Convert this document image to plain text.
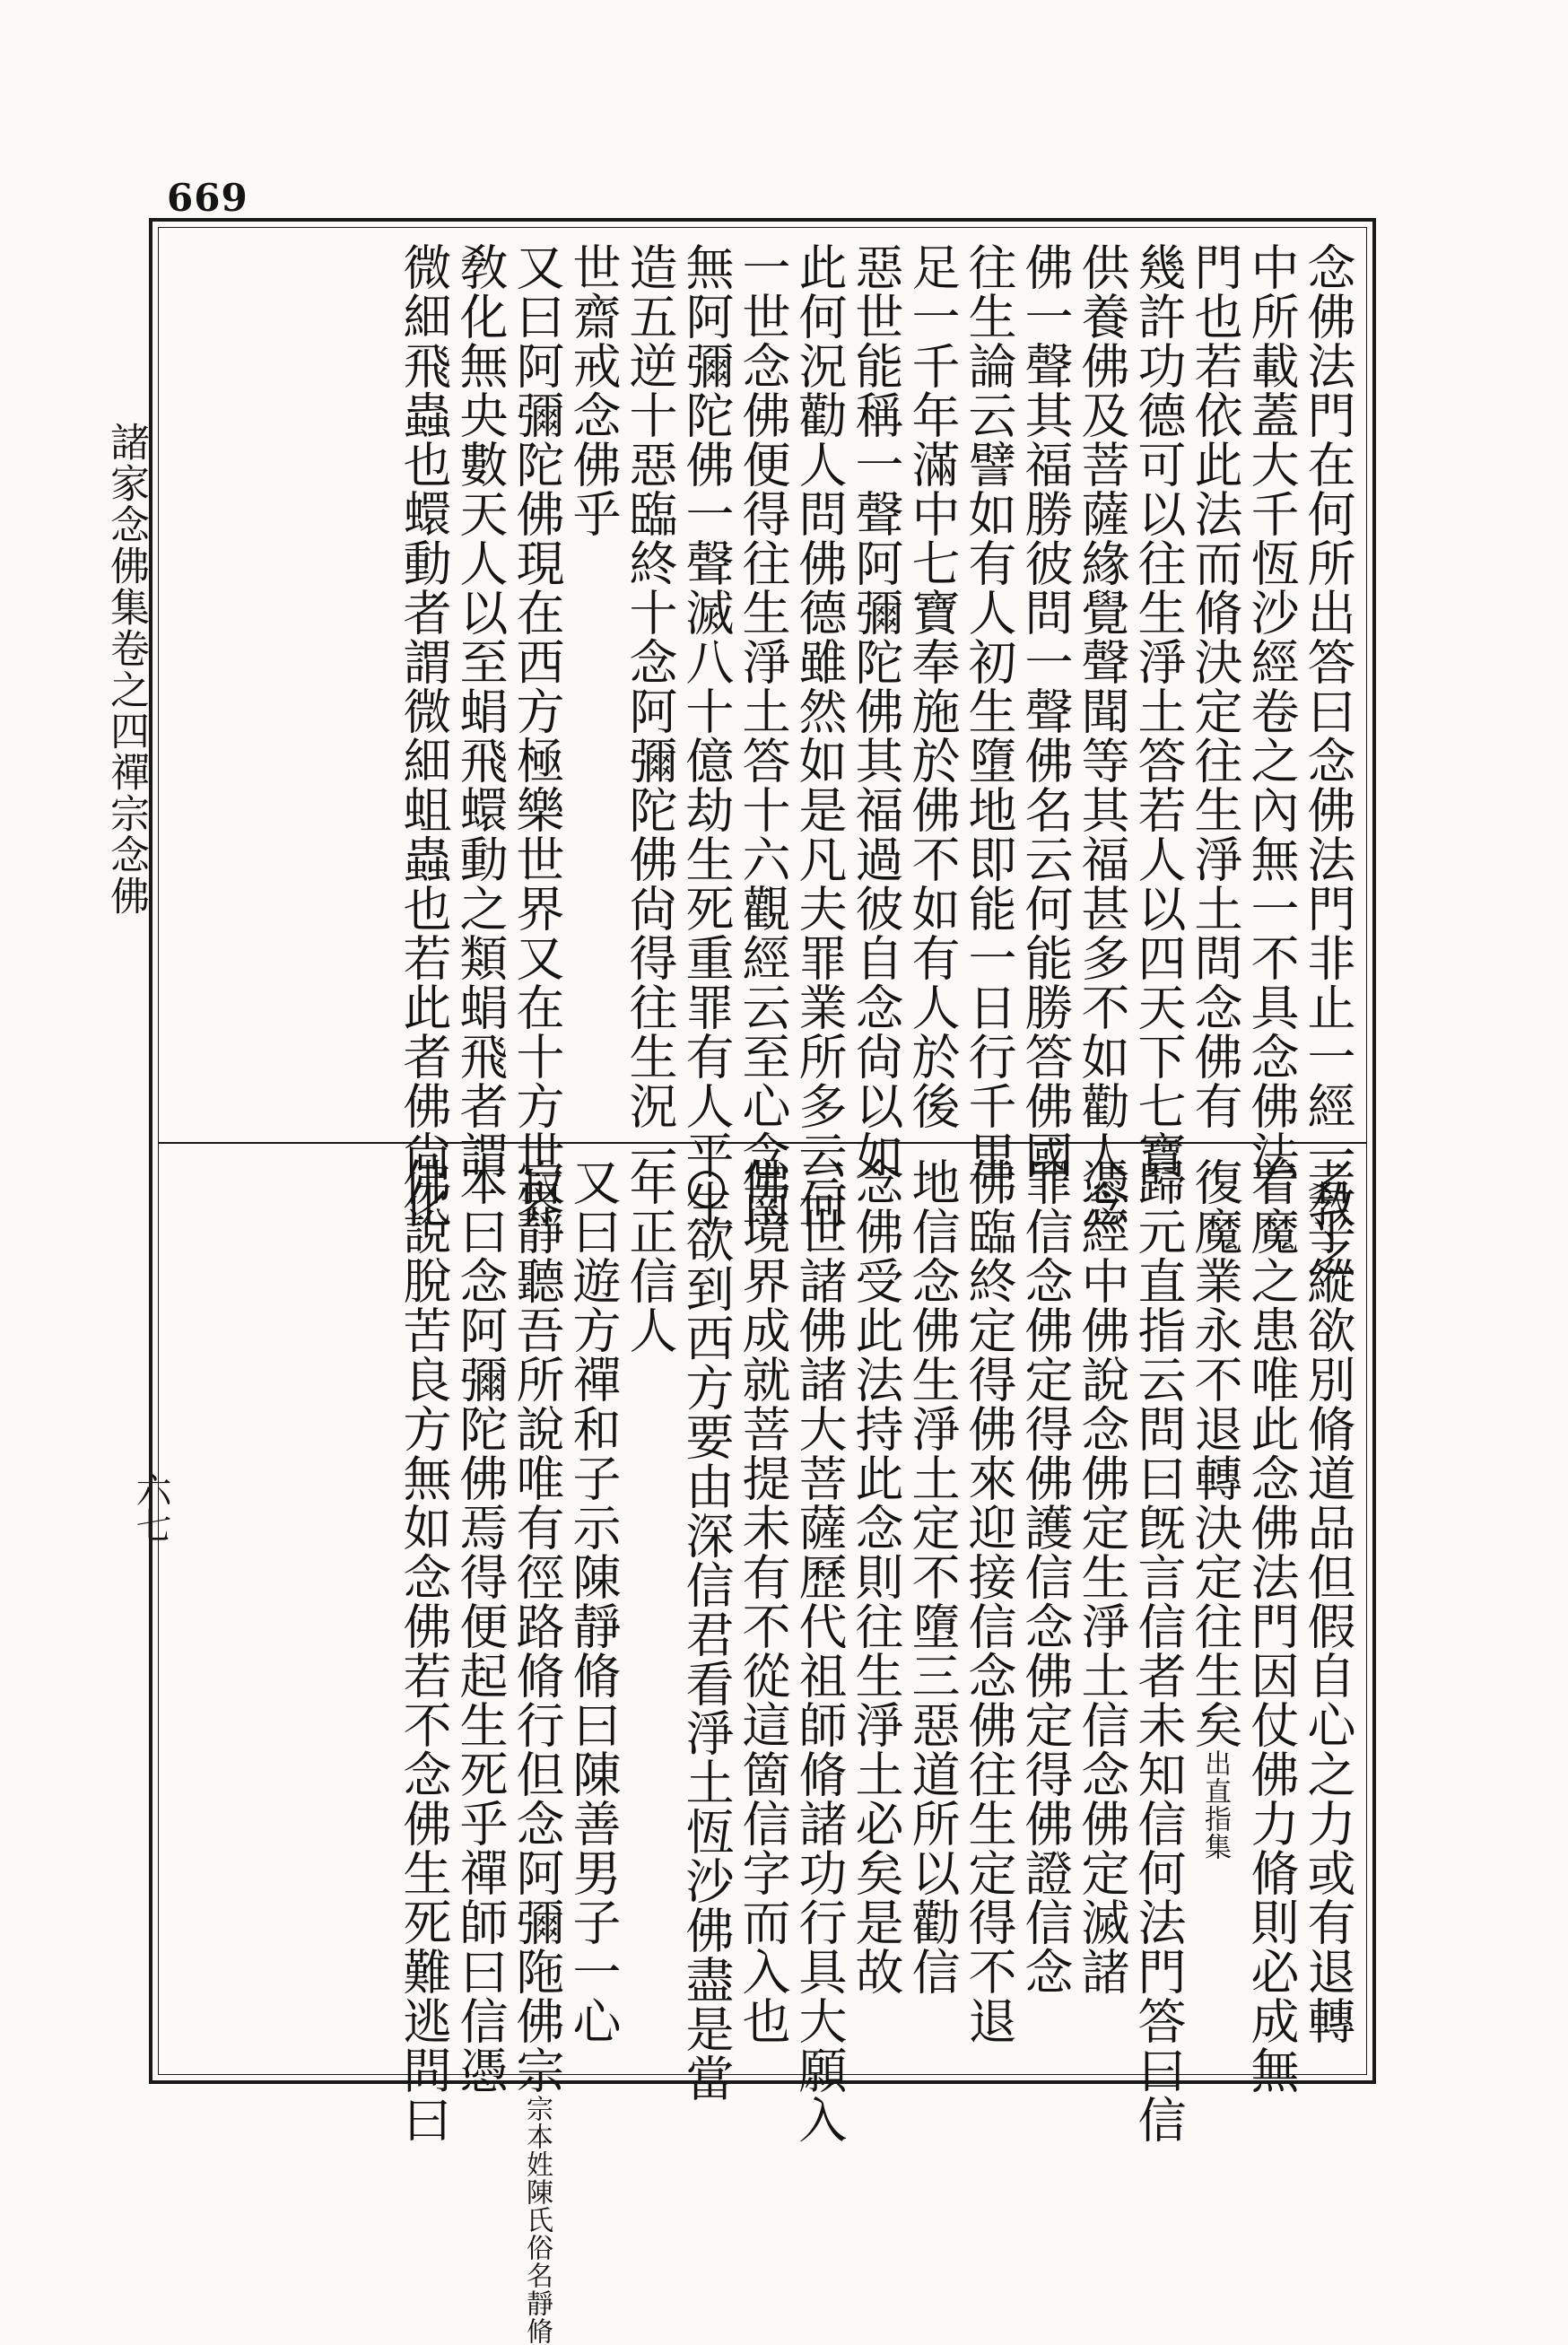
669
諸家念佛集卷之四禪宗念佛
六七
念佛法門在何所出答曰念佛法門非止一經一敎之
中所載蓋大千恆沙經卷之內無一不具念佛法
門也若依此法而脩決定往生淨土問念佛有
幾許功德可以往生淨土答若人以四天下七寶
供養佛及菩薩緣覺聲聞等其福甚多不如勸人念
佛一聲其福勝彼問一聲佛名云何能勝答佛國
往生論云譬如有人初生墮地即能一日行千里
足一千年滿中七寶奉施於佛不如有人於後
惡世能稱一聲阿彌陀佛其福過彼自念尙以如
此何況勸人問佛德雖然如是凡夫罪業所多云何
一世念佛便得往生淨土答十六觀經云至心念南
無阿彌陀佛一聲滅八十億劫生死重罪有人平生
造五逆十惡臨終十念阿彌陀佛尙得往生況一
世齋戒念佛乎
又曰阿彌陀佛現在西方極樂世界又在十方世界
敎化無央數天人以至蜎飛蠉動之類蜎飛者謂
微細飛蟲也蠉動者謂微細蛆蟲也若此者佛尙化
者乎縱欲別脩道品但假自心之力或有退轉
着魔之患唯此念佛法門因仗佛力脩則必成無
復魔業永不退轉決定往生矣出直指集
歸元直指云問曰旣言信者未知信何法門答曰信
憑經中佛說念佛定生淨土信念佛定滅諸
罪信念佛定得佛護信念佛定得佛證信念
佛臨終定得佛來迎接信念佛往生定得不退
地信念佛生淨土定不墮三惡道所以勸信
念佛受此法持此念則往生淨土必矣是故
三世諸佛諸大菩薩歷代祖師脩諸功行具大願入
佛境界成就菩提未有不從這箇信字而入也
○欲到西方要由深信君看淨土恆沙佛盡是當
年正信人
又曰遊方禪和子示陳靜脩曰陳善男子一心
寂靜聽吾所說唯有徑路脩行但念阿彌陁佛宗宗本姓陳氏俗名靜脩
本曰念阿彌陀佛焉得便起生死乎禪師曰信憑
佛說脫苦良方無如念佛若不念佛生死難逃問曰
